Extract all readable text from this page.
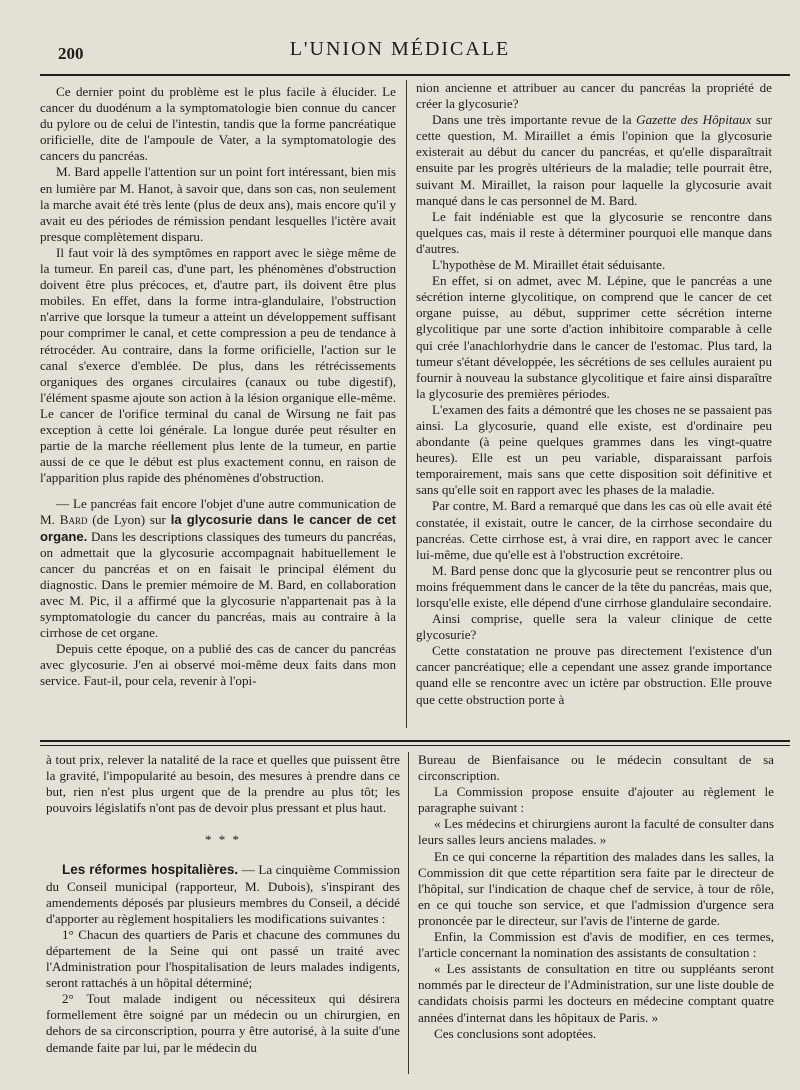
200	L'UNION MÉDICALE

Ce dernier point du problème est le plus facile à élucider. Le cancer du duodénum a la symptomatologie bien connue du cancer du pylore ou de celui de l'intestin, tandis que la forme pancréatique orificielle, dite de l'ampoule de Vater, a la symptomatologie des cancers du pancréas.

M. Bard appelle l'attention sur un point fort intéressant, bien mis en lumière par M. Hanot, à savoir que, dans son cas, non seulement la marche avait été très lente (plus de deux ans), mais encore qu'il y avait eu des périodes de rémission pendant lesquelles l'ictère avait presque complètement disparu.

Il faut voir là des symptômes en rapport avec le siège même de la tumeur. En pareil cas, d'une part, les phénomènes d'obstruction doivent être plus précoces, et, d'autre part, ils doivent être plus mobiles. En effet, dans la forme intra-glandulaire, l'obstruction n'arrive que lorsque la tumeur a atteint un développement suffisant pour comprimer le canal, et cette compression a peu de tendance à rétrocéder. Au contraire, dans la forme orificielle, l'action sur le canal s'exerce d'emblée. De plus, dans les rétrécissements organiques des organes circulaires (canaux ou tube digestif), l'élément spasme ajoute son action à la lésion organique elle-même. Le cancer de l'orifice terminal du canal de Wirsung ne fait pas exception à cette loi générale. La longue durée peut résulter en partie de la marche réellement plus lente de la tumeur, en partie aussi de ce que le début est plus exactement connu, en raison de l'apparition plus rapide des phénomènes d'obstruction.

— Le pancréas fait encore l'objet d'une autre communication de M. Bard (de Lyon) sur la glycosurie dans le cancer de cet organe. Dans les descriptions classiques des tumeurs du pancréas, on admettait que la glycosurie accompagnait habituellement le cancer du pancréas et on en faisait le principal élément du diagnostic. Dans le premier mémoire de M. Bard, en collaboration avec M. Pic, il a affirmé que la glycosurie n'appartenait pas à la symptomatologie du cancer du pancréas, mais au contraire à la cirrhose de cet organe.

Depuis cette époque, on a publié des cas de cancer du pancréas avec glycosurie. J'en ai observé moi-même deux faits dans mon service. Faut-il, pour cela, revenir à l'opi-

nion ancienne et attribuer au cancer du pancréas la propriété de créer la glycosurie?

Dans une très importante revue de la Gazette des Hôpitaux sur cette question, M. Miraillet a émis l'opinion que la glycosurie existerait au début du cancer du pancréas, et qu'elle disparaîtrait ensuite par les progrès ultérieurs de la maladie; telle pourrait être, suivant M. Miraillet, la raison pour laquelle la glycosurie avait manqué dans le cas personnel de M. Bard.

Le fait indéniable est que la glycosurie se rencontre dans quelques cas, mais il reste à déterminer pourquoi elle manque dans d'autres.

L'hypothèse de M. Miraillet était séduisante.

En effet, si on admet, avec M. Lépine, que le pancréas a une sécrétion interne glycolitique, on comprend que le cancer de cet organe puisse, au début, supprimer cette sécrétion interne glycolitique par une sorte d'action inhibitoire comparable à celle qui crée l'anachlorhydrie dans le cancer de l'estomac. Plus tard, la tumeur s'étant développée, les sécrétions de ses cellules auraient pu fournir à nouveau la substance glycolitique et faire ainsi disparaître la glycosurie des premières périodes.

L'examen des faits a démontré que les choses ne se passaient pas ainsi. La glycosurie, quand elle existe, est d'ordinaire peu abondante (à peine quelques grammes dans les vingt-quatre heures). Elle est un peu variable, disparaissant parfois temporairement, mais sans que cette disposition soit définitive et sans qu'elle soit en rapport avec les phases de la maladie.

Par contre, M. Bard a remarqué que dans les cas où elle avait été constatée, il existait, outre le cancer, de la cirrhose secondaire du pancréas. Cette cirrhose est, à vrai dire, en rapport avec le cancer lui-même, due qu'elle est à l'obstruction excrétoire.

M. Bard pense donc que la glycosurie peut se rencontrer plus ou moins fréquemment dans le cancer de la tête du pancréas, mais que, lorsqu'elle existe, elle dépend d'une cirrhose glandulaire secondaire.

Ainsi comprise, quelle sera la valeur clinique de cette glycosurie?

Cette constatation ne prouve pas directement l'existence d'un cancer pancréatique; elle a cependant une assez grande importance quand elle se rencontre avec un ictère par obstruction. Elle prouve que cette obstruction porte à

à tout prix, relever la natalité de la race et quelles que puissent être la gravité, l'impopularité au besoin, des mesures à prendre dans ce but, rien n'est plus urgent que de la prendre au plus tôt; les pouvoirs législatifs n'ont pas de devoir plus pressant et plus haut.

* * *

Les réformes hospitalières. — La cinquième Commission du Conseil municipal (rapporteur, M. Dubois), s'inspirant des amendements déposés par plusieurs membres du Conseil, a décidé d'apporter au règlement hospitaliers les modifications suivantes :

1° Chacun des quartiers de Paris et chacune des communes du département de la Seine qui ont passé un traité avec l'Administration pour l'hospitalisation de leurs malades indigents, seront rattachés à un hôpital déterminé;

2° Tout malade indigent ou nécessiteux qui désirera formellement être soigné par un médecin ou un chirurgien, en dehors de sa circonscription, pourra y être autorisé, à la suite d'une demande faite par lui, par le médecin du

Bureau de Bienfaisance ou le médecin consultant de sa circonscription.

La Commission propose ensuite d'ajouter au règlement le paragraphe suivant :

« Les médecins et chirurgiens auront la faculté de consulter dans leurs salles leurs anciens malades. »

En ce qui concerne la répartition des malades dans les salles, la Commission dit que cette répartition sera faite par le directeur de l'hôpital, sur l'indication de chaque chef de service, à tour de rôle, en ce qui touche son service, et que l'admission d'urgence sera prononcée par le directeur, sur l'avis de l'interne de garde.

Enfin, la Commission est d'avis de modifier, en ces termes, l'article concernant la nomination des assistants de consultation :

« Les assistants de consultation en titre ou suppléants seront nommés par le directeur de l'Administration, sur une liste double de candidats choisis parmi les docteurs en médecine comptant quatre années d'internat dans les hôpitaux de Paris. »

Ces conclusions sont adoptées.
